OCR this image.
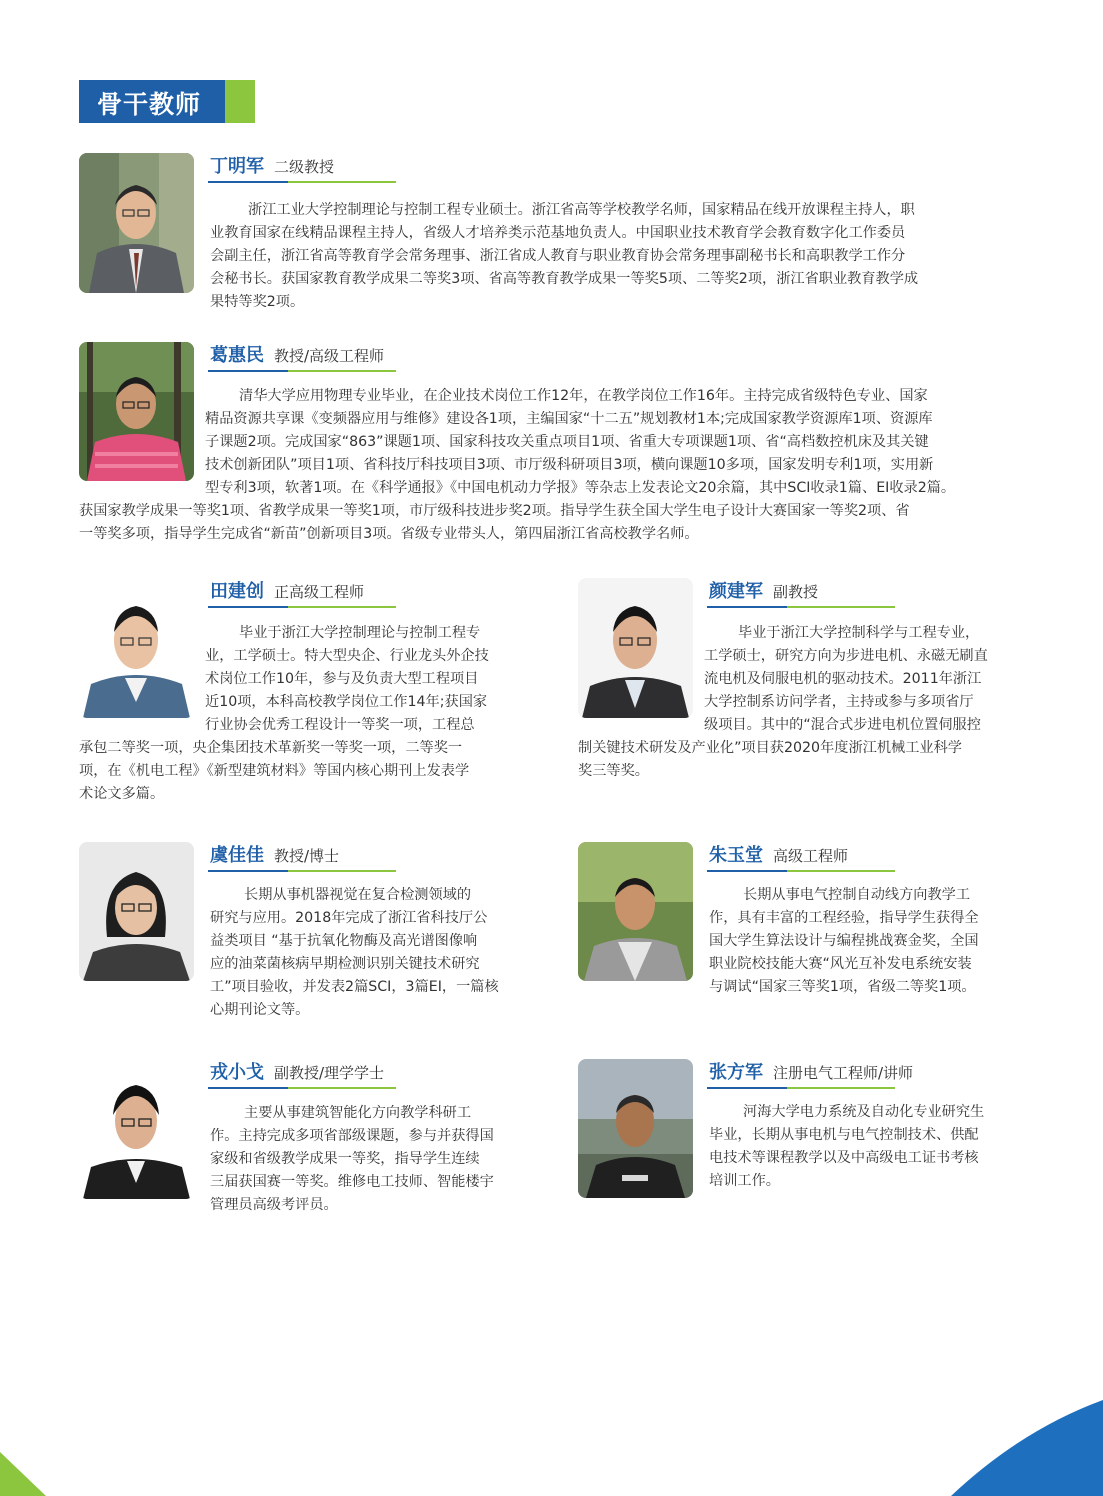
骨干教师
丁明军 二级教授
浙江工业大学控制理论与控制工程专业硕士。浙江省高等学校教学名师，国家精品在线开放课程主持人，职
业教育国家在线精品课程主持人，省级人才培养类示范基地负责人。中国职业技术教育学会教育数字化工作委员
会副主任，浙江省高等教育学会常务理事、浙江省成人教育与职业教育协会常务理事副秘书长和高职教学工作分
会秘书长。获国家教育教学成果二等奖3项、省高等教育教学成果一等奖5项、二等奖2项，浙江省职业教育教学成
果特等奖2项。
葛惠民 教授/高级工程师
清华大学应用物理专业毕业，在企业技术岗位工作12年，在教学岗位工作16年。主持完成省级特色专业、国家
精品资源共享课《变频器应用与维修》建设各1项，主编国家“十二五”规划教材1本;完成国家教学资源库1项、资源库
子课题2项。完成国家“863”课题1项、国家科技攻关重点项目1项、省重大专项课题1项、省“高档数控机床及其关键
技术创新团队”项目1项、省科技厅科技项目3项、市厅级科研项目3项，横向课题10多项，国家发明专利1项，实用新
型专利3项，软著1项。在《科学通报》《中国电机动力学报》等杂志上发表论文20余篇，其中SCI收录1篇、EI收录2篇。
获国家教学成果一等奖1项、省教学成果一等奖1项，市厅级科技进步奖2项。指导学生获全国大学生电子设计大赛国家一等奖2项、省
一等奖多项，指导学生完成省“新苗”创新项目3项。省级专业带头人，第四届浙江省高校教学名师。
田建创 正高级工程师
毕业于浙江大学控制理论与控制工程专
业，工学硕士。特大型央企、行业龙头外企技
术岗位工作10年，参与及负责大型工程项目
近10项，本科高校教学岗位工作14年;获国家
行业协会优秀工程设计一等奖一项，工程总
承包二等奖一项，央企集团技术革新奖一等奖一项，二等奖一
项，在《机电工程》《新型建筑材料》等国内核心期刊上发表学
术论文多篇。
颜建军 副教授
毕业于浙江大学控制科学与工程专业，
工学硕士，研究方向为步进电机、永磁无刷直
流电机及伺服电机的驱动技术。2011年浙江
大学控制系访问学者，主持或参与多项省厅
级项目。其中的“混合式步进电机位置伺服控
制关键技术研发及产业化”项目获2020年度浙江机械工业科学
奖三等奖。
虞佳佳 教授/博士
长期从事机器视觉在复合检测领域的
研究与应用。2018年完成了浙江省科技厅公
益类项目 “基于抗氧化物酶及高光谱图像响
应的油菜菌核病早期检测识别关键技术研究
工”项目验收，并发表2篇SCI，3篇EI，一篇核
心期刊论文等。
朱玉堂 高级工程师
长期从事电气控制自动线方向教学工
作，具有丰富的工程经验，指导学生获得全
国大学生算法设计与编程挑战赛金奖，全国
职业院校技能大赛“风光互补发电系统安装
与调试“国家三等奖1项，省级二等奖1项。
戎小戈 副教授/理学学士
主要从事建筑智能化方向教学科研工
作。主持完成多项省部级课题，参与并获得国
家级和省级教学成果一等奖，指导学生连续
三届获国赛一等奖。维修电工技师、智能楼宇
管理员高级考评员。
张方军 注册电气工程师/讲师
河海大学电力系统及自动化专业研究生
毕业，长期从事电机与电气控制技术、供配
电技术等课程教学以及中高级电工证书考核
培训工作。
